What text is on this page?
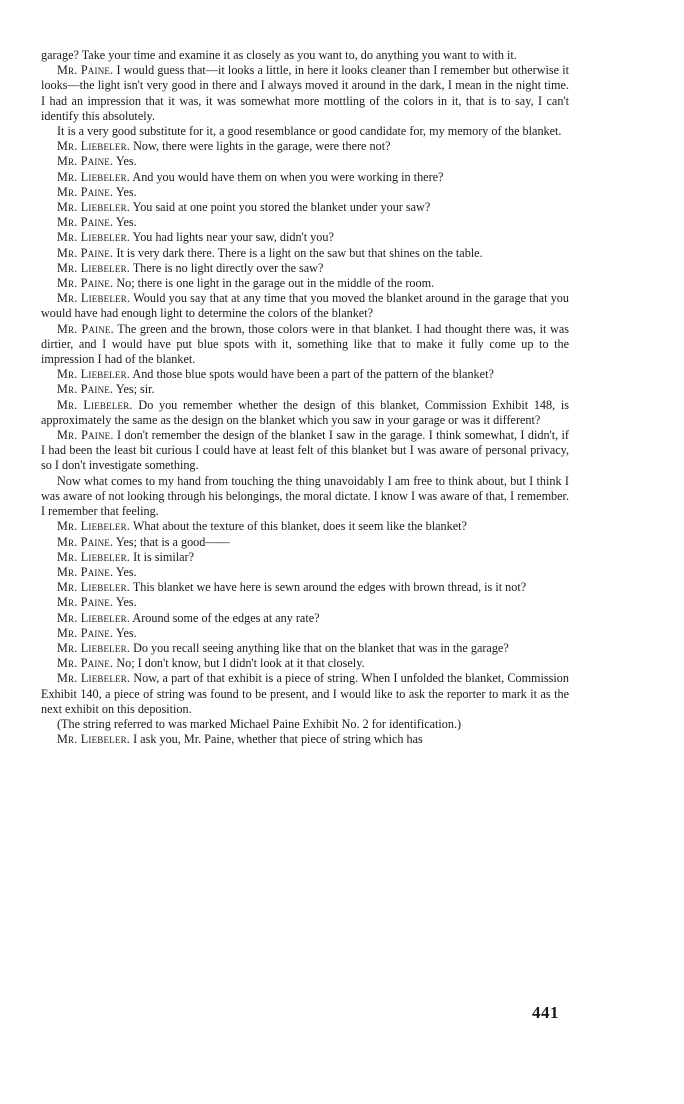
garage? Take your time and examine it as closely as you want to, do anything you want to with it.

Mr. Paine. I would guess that—it looks a little, in here it looks cleaner than I remember but otherwise it looks—the light isn't very good in there and I always moved it around in the dark, I mean in the night time. I had an impression that it was, it was somewhat more mottling of the colors in it, that is to say, I can't identify this absolutely.

It is a very good substitute for it, a good resemblance or good candidate for, my memory of the blanket.

Mr. Liebeler. Now, there were lights in the garage, were there not?

Mr. Paine. Yes.

Mr. Liebeler. And you would have them on when you were working in there?

Mr. Paine. Yes.

Mr. Liebeler. You said at one point you stored the blanket under your saw?

Mr. Paine. Yes.

Mr. Liebeler. You had lights near your saw, didn't you?

Mr. Paine. It is very dark there. There is a light on the saw but that shines on the table.

Mr. Liebeler. There is no light directly over the saw?

Mr. Paine. No; there is one light in the garage out in the middle of the room.

Mr. Liebeler. Would you say that at any time that you moved the blanket around in the garage that you would have had enough light to determine the colors of the blanket?

Mr. Paine. The green and the brown, those colors were in that blanket. I had thought there was, it was dirtier, and I would have put blue spots with it, something like that to make it fully come up to the impression I had of the blanket.

Mr. Liebeler. And those blue spots would have been a part of the pattern of the blanket?

Mr. Paine. Yes; sir.

Mr. Liebeler. Do you remember whether the design of this blanket, Commission Exhibit 148, is approximately the same as the design on the blanket which you saw in your garage or was it different?

Mr. Paine. I don't remember the design of the blanket I saw in the garage. I think somewhat, I didn't, if I had been the least bit curious I could have at least felt of this blanket but I was aware of personal privacy, so I don't investigate something.

Now what comes to my hand from touching the thing unavoidably I am free to think about, but I think I was aware of not looking through his belongings, the moral dictate. I know I was aware of that, I remember. I remember that feeling.

Mr. Liebeler. What about the texture of this blanket, does it seem like the blanket?

Mr. Paine. Yes; that is a good——

Mr. Liebeler. It is similar?

Mr. Paine. Yes.

Mr. Liebeler. This blanket we have here is sewn around the edges with brown thread, is it not?

Mr. Paine. Yes.

Mr. Liebeler. Around some of the edges at any rate?

Mr. Paine. Yes.

Mr. Liebeler. Do you recall seeing anything like that on the blanket that was in the garage?

Mr. Paine. No; I don't know, but I didn't look at it that closely.

Mr. Liebeler. Now, a part of that exhibit is a piece of string. When I unfolded the blanket, Commission Exhibit 140, a piece of string was found to be present, and I would like to ask the reporter to mark it as the next exhibit on this deposition.

(The string referred to was marked Michael Paine Exhibit No. 2 for identification.)

Mr. Liebeler. I ask you, Mr. Paine, whether that piece of string which has

441
